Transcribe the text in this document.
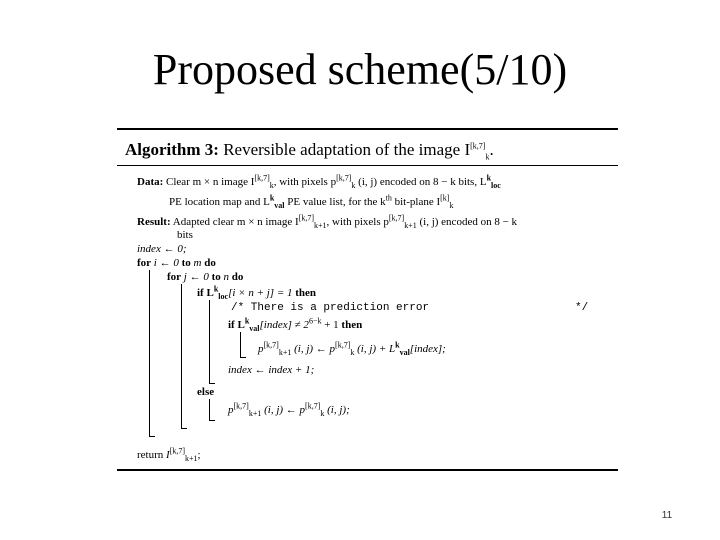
Proposed scheme(5/10)
Algorithm 3: Reversible adaptation of the image $I[k,7]_k$.
Data: Clear m × n image $I[k,7]_k$, with pixels $p[k,7]_k$ (i, j) encoded on 8 − k bits, $L^k_{loc}$
PE location map and $L^k_{val}$ PE value list, for the $k^{th}$ bit-plane $I[k]_k$
Result: Adapted clear m × n image $I[k,7]_{k+1}$, with pixels $p[k,7]_{k+1}$ (i, j) encoded on 8 − k
bits
index ← 0;
for i ← 0 to m do
for j ← 0 to n do
if $L^k_{loc}[i \times n + j] = 1$ then
/* There is a prediction error	*/
if $L^k_{val}[index] \ne 2^{6-k} + 1$ then
$p[k,7]_{k+1}$ (i, j) ← $p[k,7]_k$ (i, $j) + L^k_{val}[index]$;
index ← index + 1;
else
$p[k,7]_{k+1}$ (i, j) ← $p[k,7]_k$ (i, j);
return $I[k,7]_{k+1}$;
11
